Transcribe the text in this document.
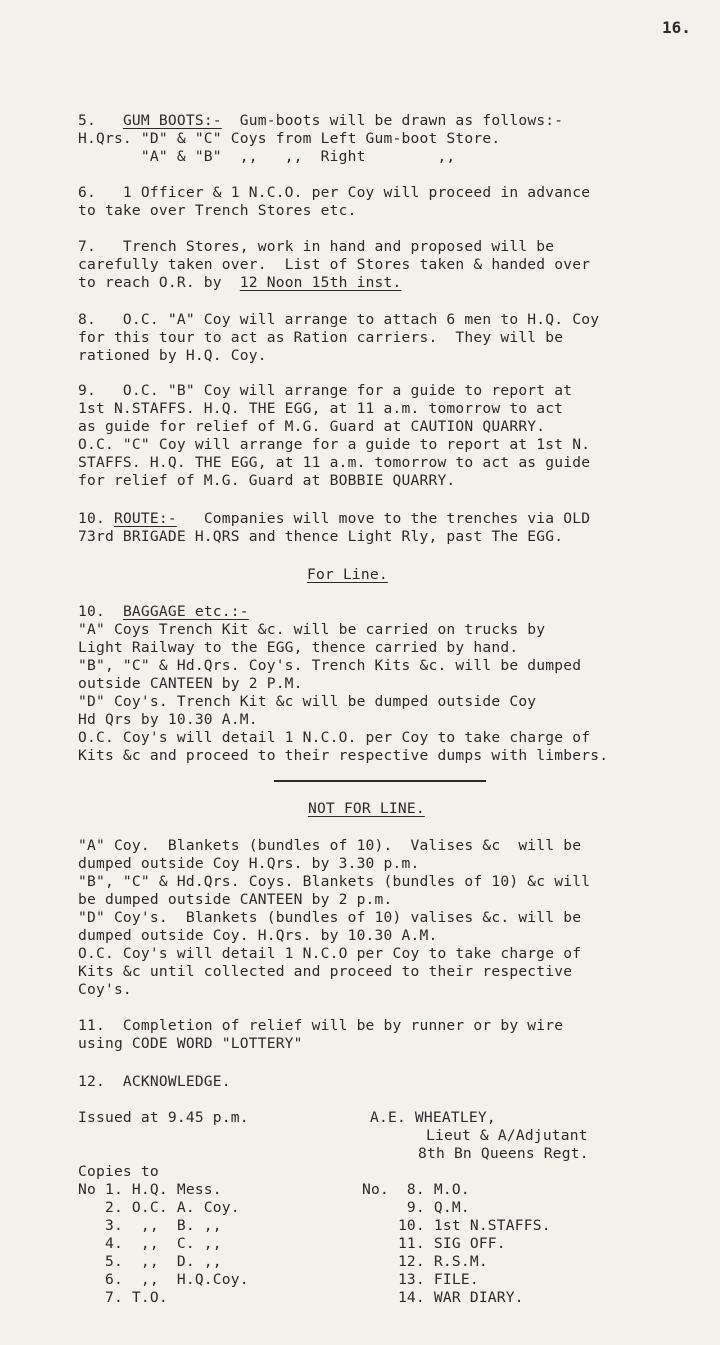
16.
5.   GUM BOOTS:-  Gum-boots will be drawn as follows:-
H.Qrs. "D" & "C" Coys from Left Gum-boot Store.
"A" & "B"  ,,   ,,  Right        ,,
6.   1 Officer & 1 N.C.O. per Coy will proceed in advance
to take over Trench Stores etc.
7.   Trench Stores, work in hand and proposed will be
carefully taken over.  List of Stores taken & handed over
to reach O.R. by  12 Noon 15th inst.
8.   O.C. "A" Coy will arrange to attach 6 men to H.Q. Coy
for this tour to act as Ration carriers.  They will be
rationed by H.Q. Coy.
9.   O.C. "B" Coy will arrange for a guide to report at
1st N.STAFFS. H.Q. THE EGG, at 11 a.m. tomorrow to act
as guide for relief of M.G. Guard at CAUTION QUARRY.
O.C. "C" Coy will arrange for a guide to report at 1st N.
STAFFS. H.Q. THE EGG, at 11 a.m. tomorrow to act as guide
for relief of M.G. Guard at BOBBIE QUARRY.
10. ROUTE:-   Companies will move to the trenches via OLD
73rd BRIGADE H.QRS and thence Light Rly, past The EGG.
For Line.
10.  BAGGAGE etc.:-
"A" Coys Trench Kit &c. will be carried on trucks by
Light Railway to the EGG, thence carried by hand.
"B", "C" & Hd.Qrs. Coy's. Trench Kits &c. will be dumped
outside CANTEEN by 2 P.M.
"D" Coy's. Trench Kit &c will be dumped outside Coy
Hd Qrs by 10.30 A.M.
O.C. Coy's will detail 1 N.C.O. per Coy to take charge of
Kits &c and proceed to their respective dumps with limbers.
NOT FOR LINE.
"A" Coy.  Blankets (bundles of 10).  Valises &c  will be
dumped outside Coy H.Qrs. by 3.30 p.m.
"B", "C" & Hd.Qrs. Coys. Blankets (bundles of 10) &c will
be dumped outside CANTEEN by 2 p.m.
"D" Coy's.  Blankets (bundles of 10) valises &c. will be
dumped outside Coy. H.Qrs. by 10.30 A.M.
O.C. Coy's will detail 1 N.C.O per Coy to take charge of
Kits &c until collected and proceed to their respective
Coy's.
11.  Completion of relief will be by runner or by wire
using CODE WORD "LOTTERY"
12.  ACKNOWLEDGE.
Issued at 9.45 p.m.	A.E. WHEATLEY,
Lieut & A/Adjutant
8th Bn Queens Regt.
Copies to
No 1. H.Q. Mess.
2. O.C. A. Coy.
3.  ,,  B. ,,
4.  ,,  C. ,,
5.  ,,  D. ,,
6.  ,,  H.Q.Coy.
7. T.O.
No.  8. M.O.
9. Q.M.
10. 1st N.STAFFS.
11. SIG OFF.
12. R.S.M.
13. FILE.
14. WAR DIARY.
